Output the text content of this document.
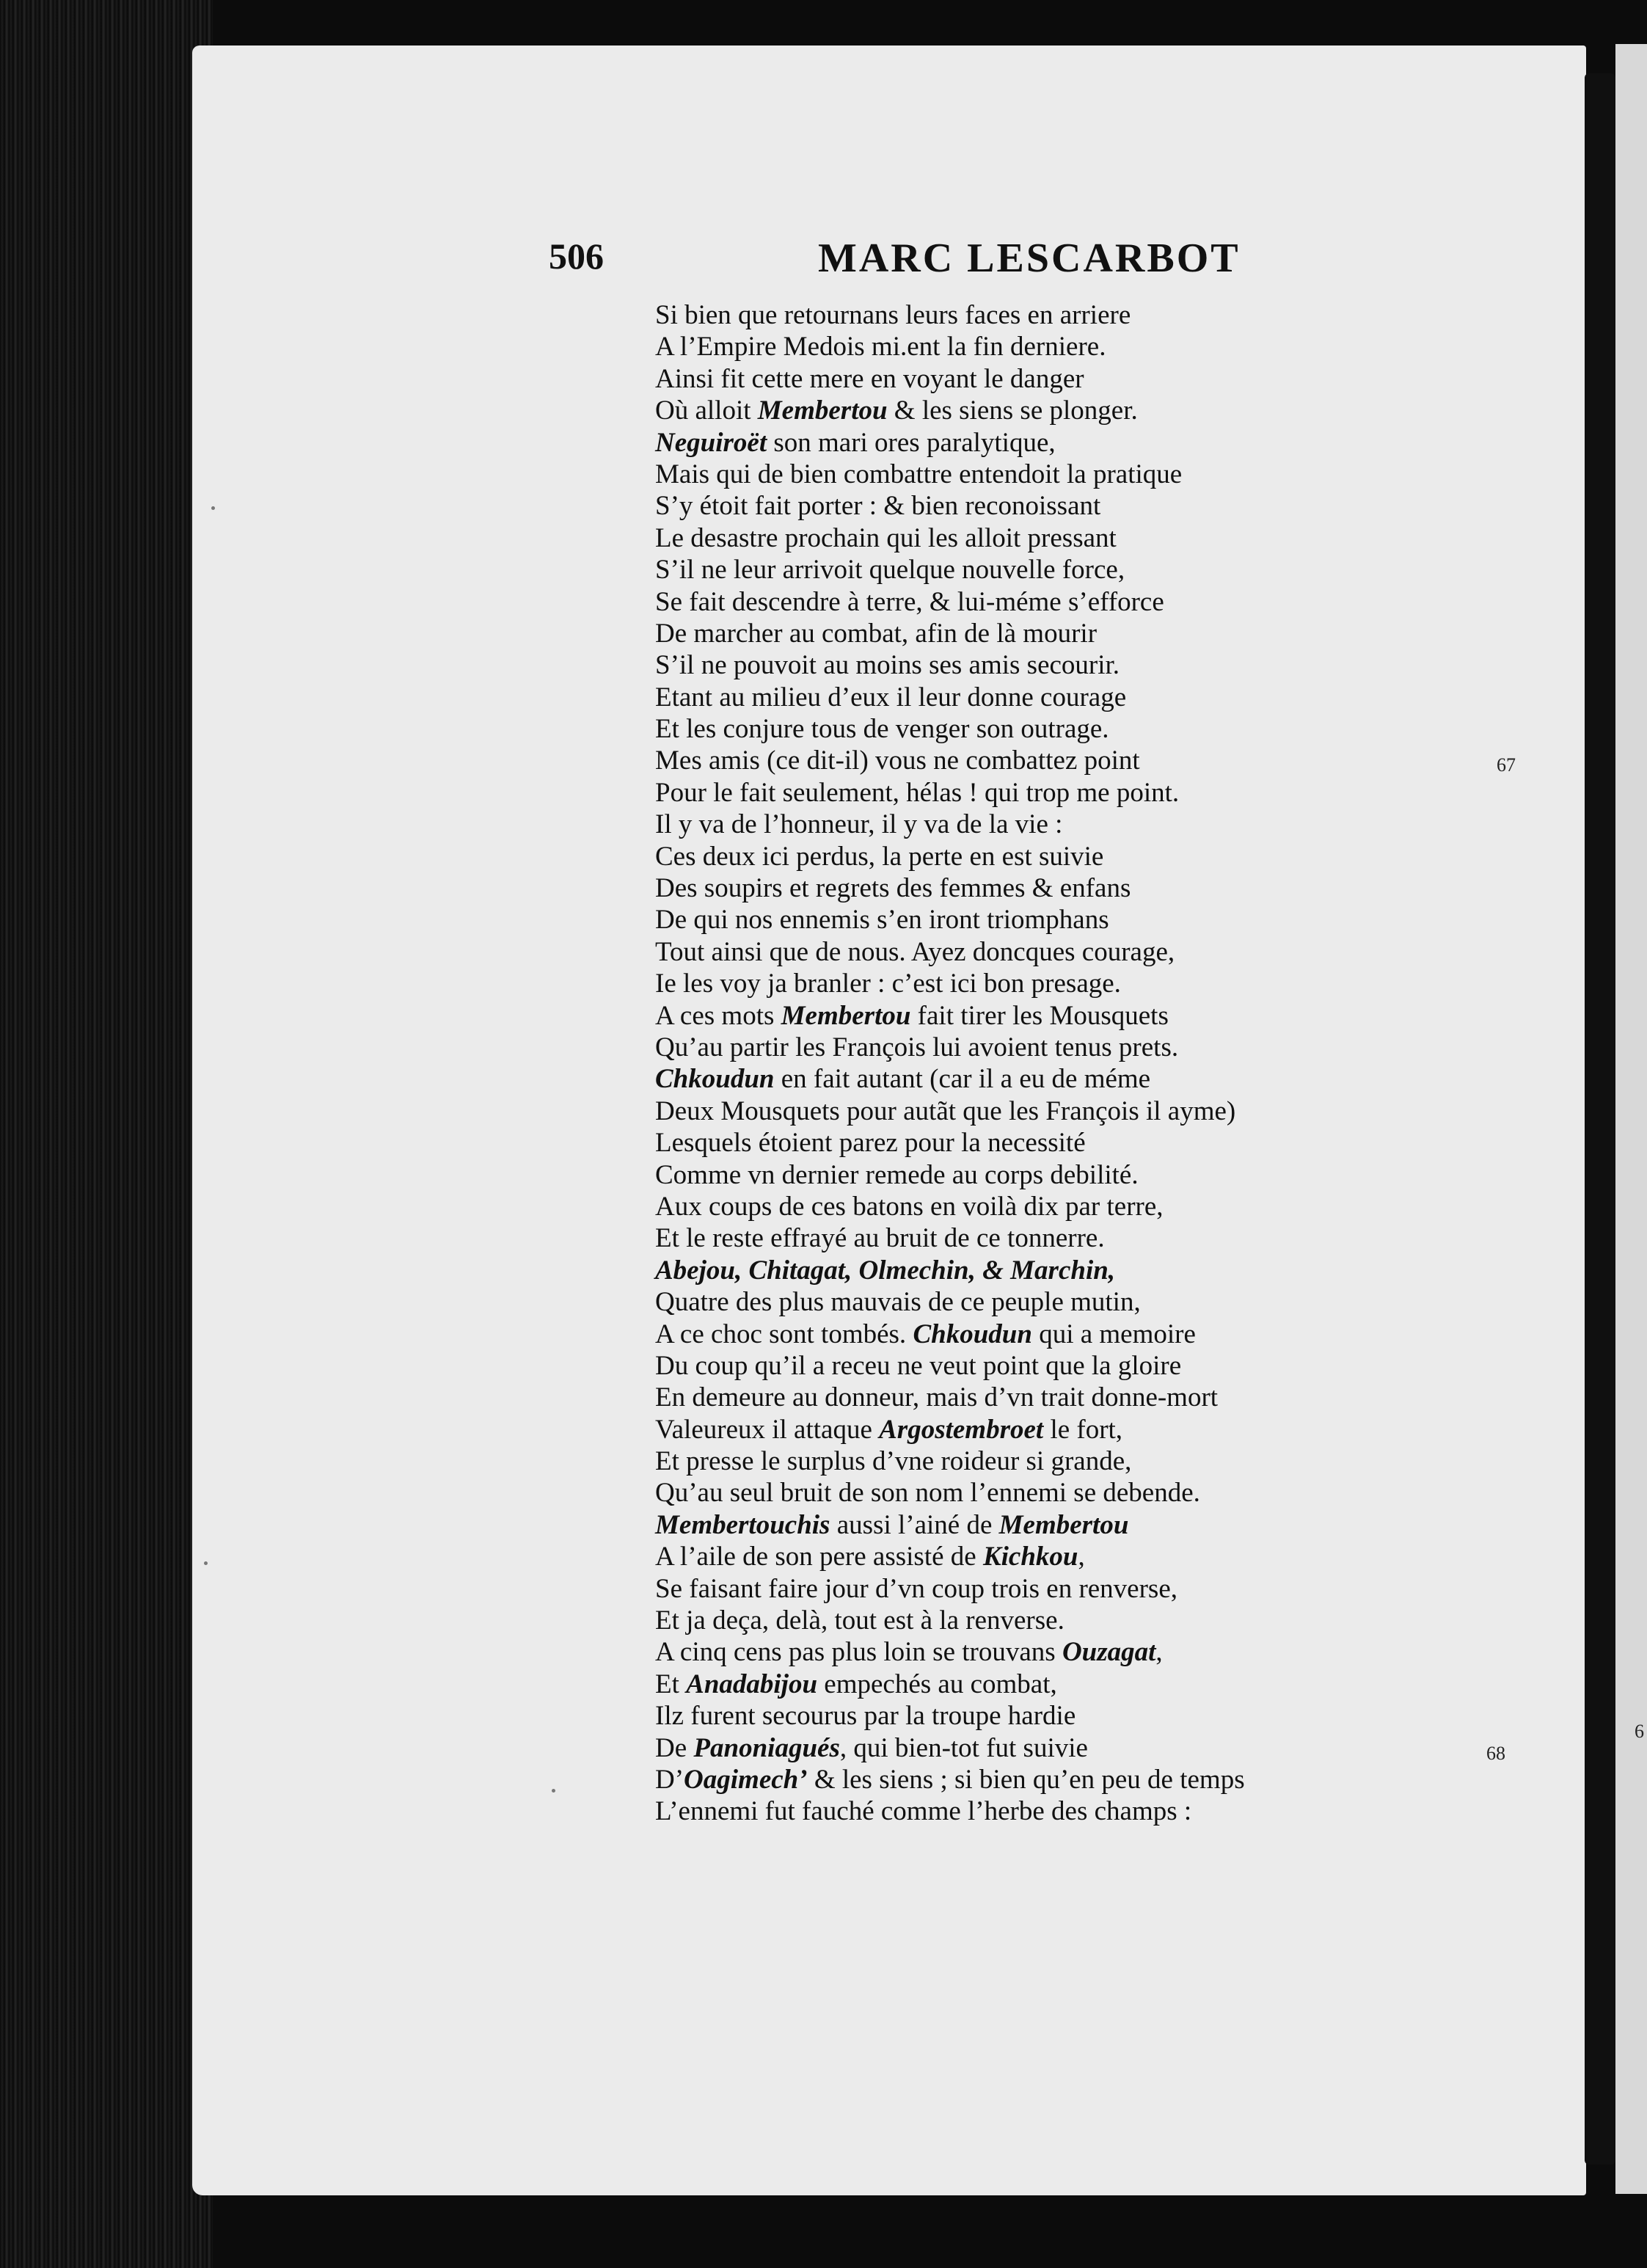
506	MARC LESCARBOT
Si bien que retournans leurs faces en arriere
A l’Empire Medois mi.ent la fin derniere.
Ainsi fit cette mere en voyant le danger
Où alloit Membertou & les siens se plonger.
Neguiroët son mari ores paralytique,
Mais qui de bien combattre entendoit la pratique
S’y étoit fait porter : & bien reconoissant
Le desastre prochain qui les alloit pressant
S’il ne leur arrivoit quelque nouvelle force,
Se fait descendre à terre, & lui-méme s’efforce
De marcher au combat, afin de là mourir
S’il ne pouvoit au moins ses amis secourir.
Etant au milieu d’eux il leur donne courage
Et les conjure tous de venger son outrage.
Mes amis (ce dit-il) vous ne combattez point
Pour le fait seulement, hélas ! qui trop me point.
Il y va de l’honneur, il y va de la vie :
Ces deux ici perdus, la perte en est suivie
Des soupirs et regrets des femmes & enfans
De qui nos ennemis s’en iront triomphans
Tout ainsi que de nous. Ayez doncques courage,
Ie les voy ja branler : c’est ici bon presage.
A ces mots Membertou fait tirer les Mousquets
Qu’au partir les François lui avoient tenus prets.
Chkoudun en fait autant (car il a eu de méme
Deux Mousquets pour autãt que les François il ayme)
Lesquels étoient parez pour la necessité
Comme vn dernier remede au corps debilité.
Aux coups de ces batons en voilà dix par terre,
Et le reste effrayé au bruit de ce tonnerre.
Abejou, Chitagat, Olmechin, & Marchin,
Quatre des plus mauvais de ce peuple mutin,
A ce choc sont tombés. Chkoudun qui a memoire
Du coup qu’il a receu ne veut point que la gloire
En demeure au donneur, mais d’vn trait donne-mort
Valeureux il attaque Argostembroet le fort,
Et presse le surplus d’vne roideur si grande,
Qu’au seul bruit de son nom l’ennemi se debende.
Membertouchis aussi l’ainé de Membertou
A l’aile de son pere assisté de Kichkou,
Se faisant faire jour d’vn coup trois en renverse,
Et ja deça, delà, tout est à la renverse.
A cinq cens pas plus loin se trouvans Ouzagat,
Et Anadabijou empechés au combat,
Ilz furent secourus par la troupe hardie
De Panoniagués, qui bien-tot fut suivie
D’Oagimech’ & les siens ; si bien qu’en peu de temps
L’ennemi fut fauché comme l’herbe des champs :
67
68
6
